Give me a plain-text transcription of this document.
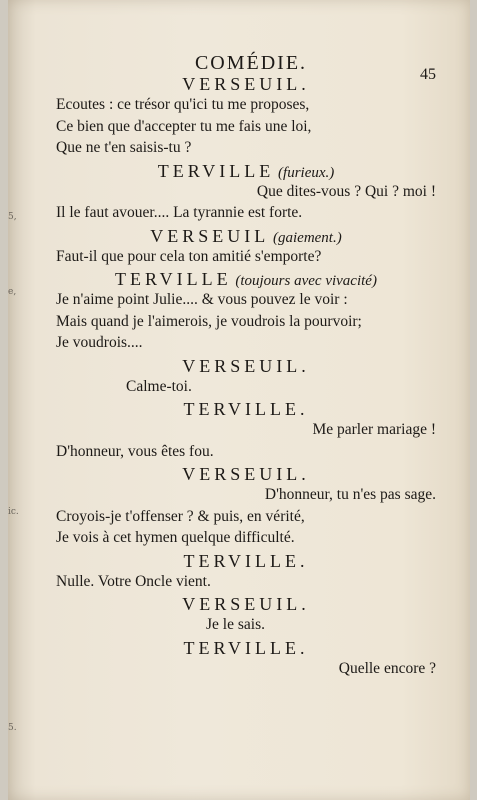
5,
e,
ic.
5.
COMÉDIE.
45
VERSEUIL.
Ecoutes : ce trésor qu'ici tu me proposes,
Ce bien que d'accepter tu me fais une loi,
Que ne t'en saisis-tu ?
TERVILLE (furieux.)
Que dites-vous ? Qui ? moi !
Il le faut avouer.... La tyrannie est forte.
VERSEUIL (gaiement.)
Faut-il que pour cela ton amitié s'emporte?
TERVILLE (toujours avec vivacité)
Je n'aime point Julie.... & vous pouvez le voir :
Mais quand je l'aimerois, je voudrois la pourvoir;
Je voudrois....
VERSEUIL.
Calme-toi.
TERVILLE.
Me parler mariage !
D'honneur, vous êtes fou.
VERSEUIL.
D'honneur, tu n'es pas sage.
Croyois-je t'offenser ? & puis, en vérité,
Je vois à cet hymen quelque difficulté.
TERVILLE.
Nulle. Votre Oncle vient.
VERSEUIL.
Je le sais.
TERVILLE.
Quelle encore ?
